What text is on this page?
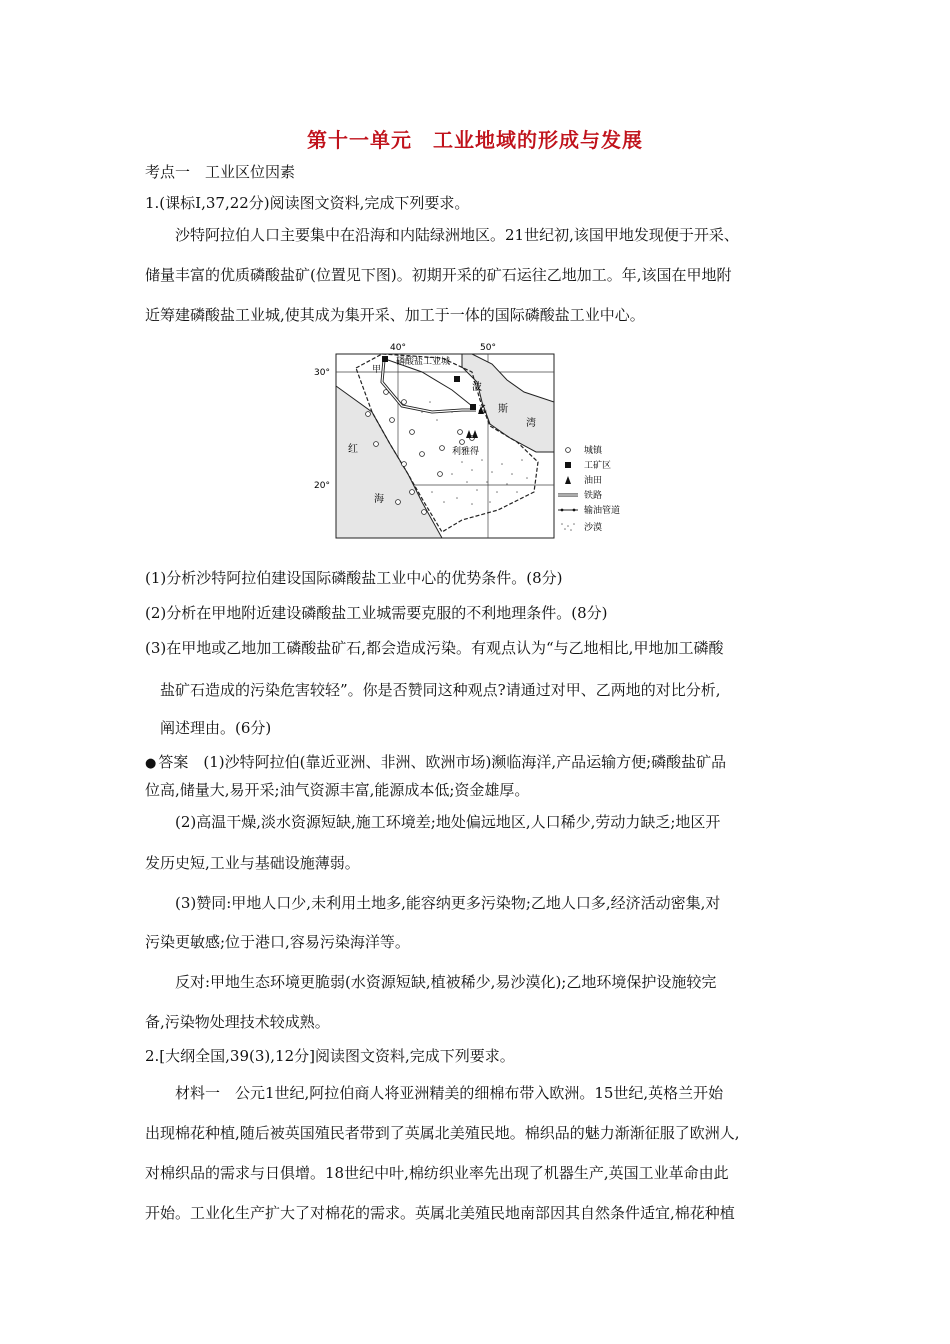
第十一单元　工业地域的形成与发展
考点一　工业区位因素
1.(课标Ⅰ,37,22分)阅读图文资料,完成下列要求。
沙特阿拉伯人口主要集中在沿海和内陆绿洲地区。21世纪初,该国甲地发现便于开采、
储量丰富的优质磷酸盐矿(位置见下图)。初期开采的矿石运往乙地加工。年,该国在甲地附
近筹建磷酸盐工业城,使其成为集开采、加工于一体的国际磷酸盐工业中心。
40°	50°
30°
20°
磷酸盐工业城
甲
乙
利雅得
红
海
波
斯
湾
城镇
工矿区
油田
铁路
输油管道
沙漠
(1)分析沙特阿拉伯建设国际磷酸盐工业中心的优势条件。(8分)
(2)分析在甲地附近建设磷酸盐工业城需要克服的不利地理条件。(8分)
(3)在甲地或乙地加工磷酸盐矿石,都会造成污染。有观点认为“与乙地相比,甲地加工磷酸
盐矿石造成的污染危害较轻”。你是否赞同这种观点?请通过对甲、乙两地的对比分析,
阐述理由。(6分)
● 答案　 (1)沙特阿拉伯(靠近亚洲、非洲、欧洲市场)濒临海洋,产品运输方便;磷酸盐矿品
位高,储量大,易开采;油气资源丰富,能源成本低;资金雄厚。
(2)高温干燥,淡水资源短缺,施工环境差;地处偏远地区,人口稀少,劳动力缺乏;地区开
发历史短,工业与基础设施薄弱。
(3)赞同:甲地人口少,未利用土地多,能容纳更多污染物;乙地人口多,经济活动密集,对
污染更敏感;位于港口,容易污染海洋等。
反对:甲地生态环境更脆弱(水资源短缺,植被稀少,易沙漠化);乙地环境保护设施较完
备,污染物处理技术较成熟。
2.[大纲全国,39(3),12分]阅读图文资料,完成下列要求。
材料一　公元1世纪,阿拉伯商人将亚洲精美的细棉布带入欧洲。15世纪,英格兰开始
出现棉花种植,随后被英国殖民者带到了英属北美殖民地。棉织品的魅力渐渐征服了欧洲人,
对棉织品的需求与日俱增。18世纪中叶,棉纺织业率先出现了机器生产,英国工业革命由此
开始。工业化生产扩大了对棉花的需求。英属北美殖民地南部因其自然条件适宜,棉花种植
